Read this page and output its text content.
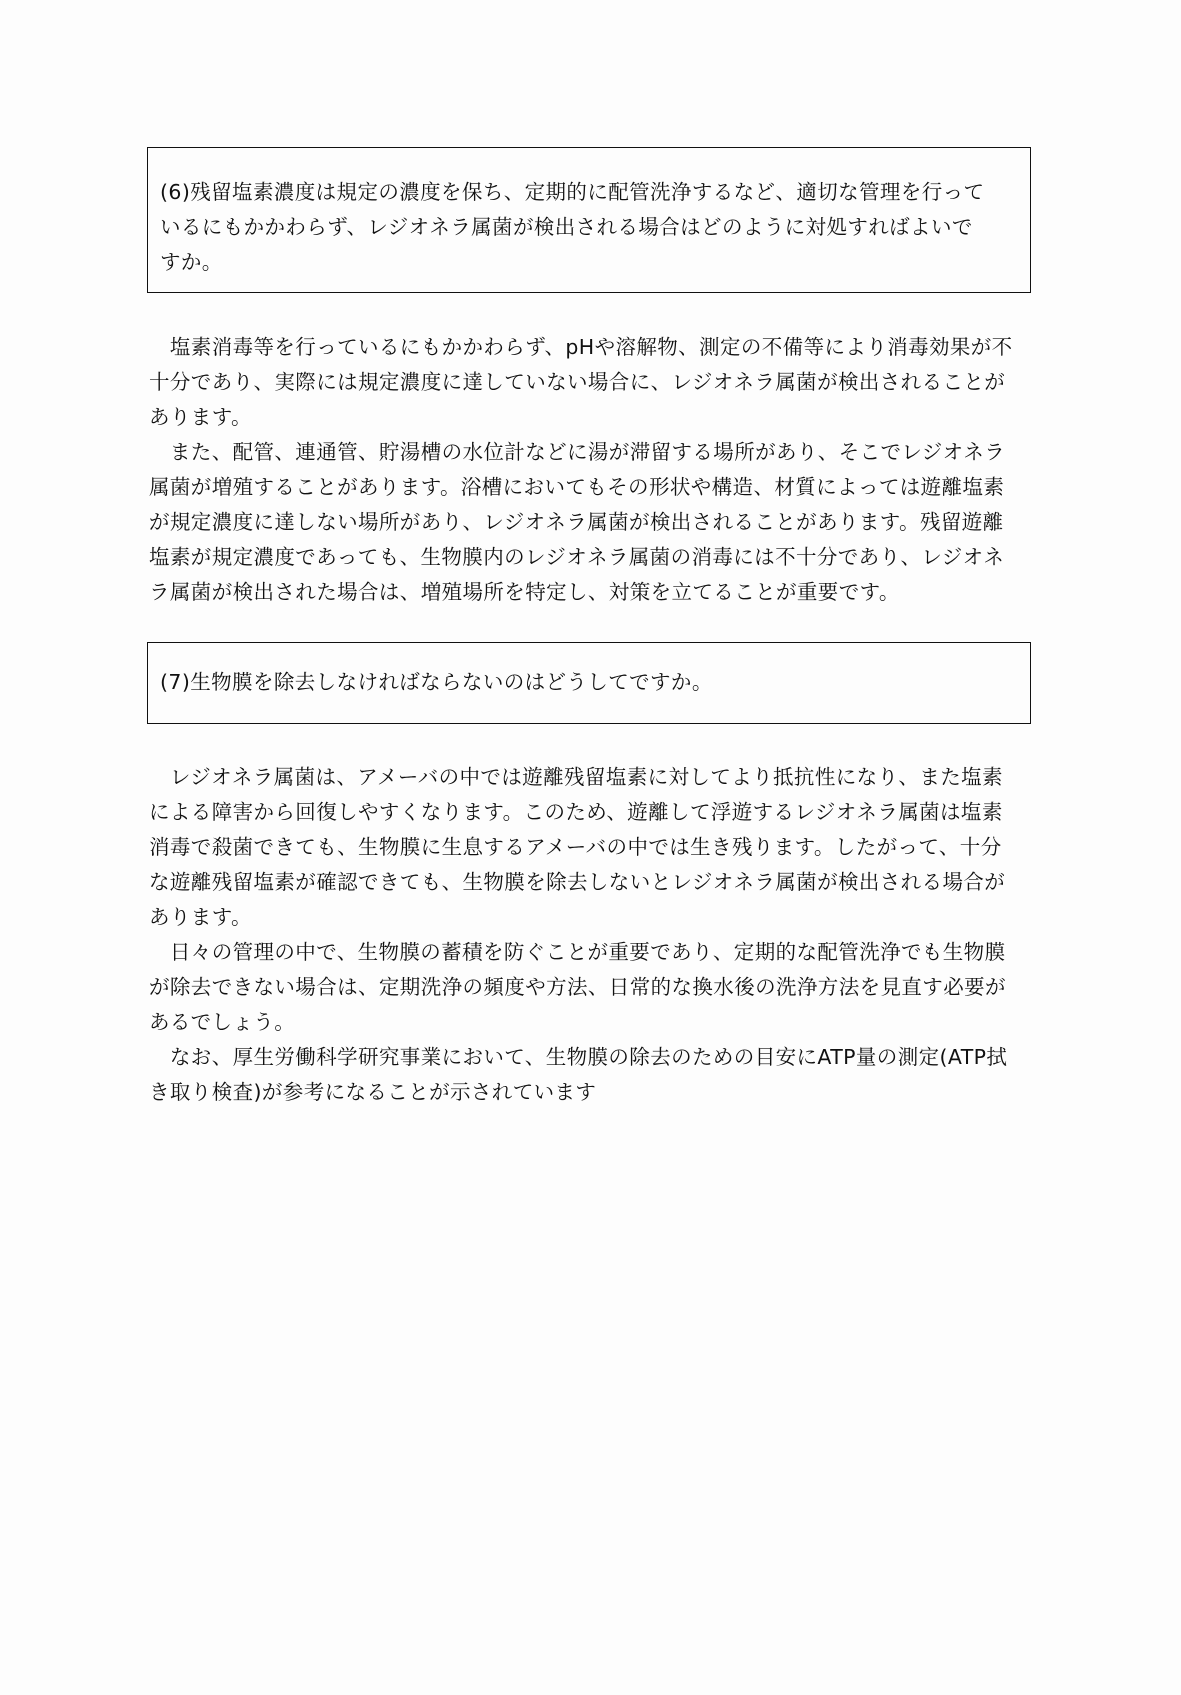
(6)残留塩素濃度は規定の濃度を保ち、定期的に配管洗浄するなど、適切な管理を行って
いるにもかかわらず、レジオネラ属菌が検出される場合はどのように対処すればよいで
すか。
　塩素消毒等を行っているにもかかわらず、pHや溶解物、測定の不備等により消毒効果が不
十分であり、実際には規定濃度に達していない場合に、レジオネラ属菌が検出されることが
あります。
　また、配管、連通管、貯湯槽の水位計などに湯が滞留する場所があり、そこでレジオネラ
属菌が増殖することがあります。浴槽においてもその形状や構造、材質によっては遊離塩素
が規定濃度に達しない場所があり、レジオネラ属菌が検出されることがあります。残留遊離
塩素が規定濃度であっても、生物膜内のレジオネラ属菌の消毒には不十分であり、レジオネ
ラ属菌が検出された場合は、増殖場所を特定し、対策を立てることが重要です。
(7)生物膜を除去しなければならないのはどうしてですか。
　レジオネラ属菌は、アメーバの中では遊離残留塩素に対してより抵抗性になり、また塩素
による障害から回復しやすくなります。このため、遊離して浮遊するレジオネラ属菌は塩素
消毒で殺菌できても、生物膜に生息するアメーバの中では生き残ります。したがって、十分
な遊離残留塩素が確認できても、生物膜を除去しないとレジオネラ属菌が検出される場合が
あります。
　日々の管理の中で、生物膜の蓄積を防ぐことが重要であり、定期的な配管洗浄でも生物膜
が除去できない場合は、定期洗浄の頻度や方法、日常的な換水後の洗浄方法を見直す必要が
あるでしょう。
　なお、厚生労働科学研究事業において、生物膜の除去のための目安にATP量の測定(ATP拭
き取り検査)が参考になることが示されています
